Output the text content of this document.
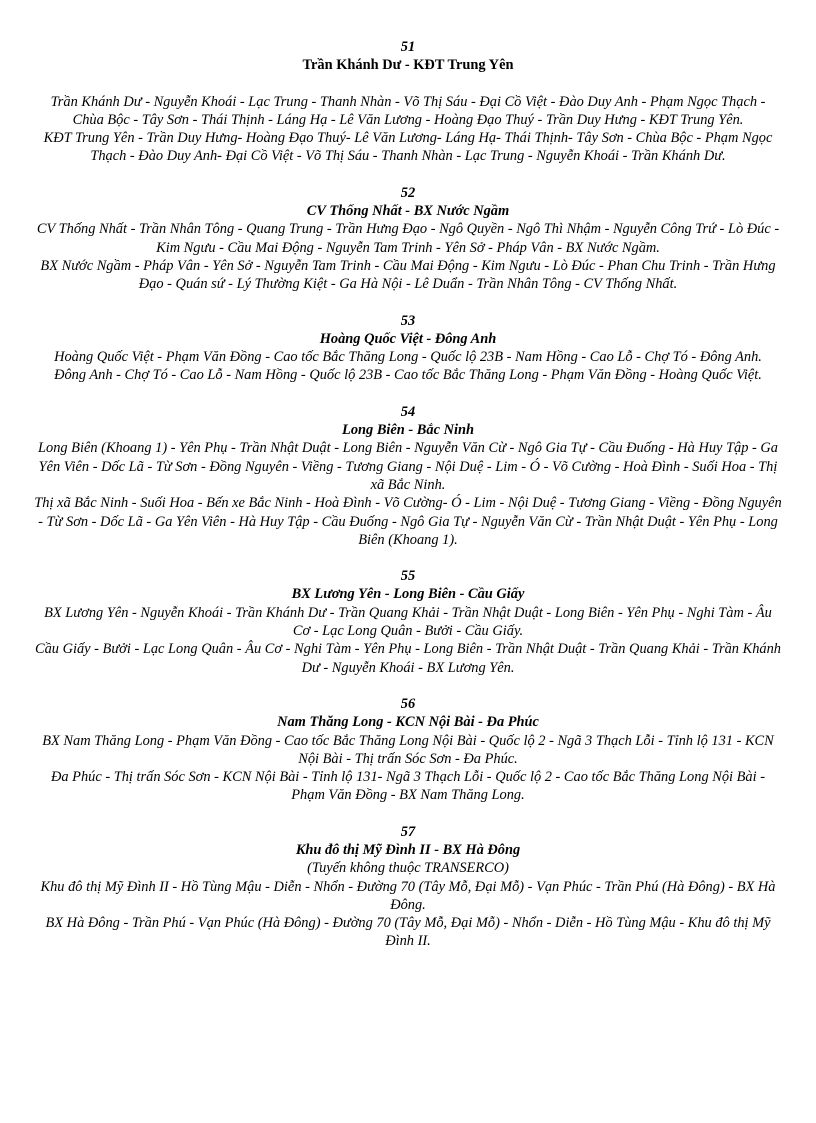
51
Trần Khánh Dư - KĐT Trung Yên

Trần Khánh Dư - Nguyễn Khoái - Lạc Trung - Thanh Nhàn - Võ Thị Sáu - Đại Cồ Việt - Đào Duy Anh - Phạm Ngọc Thạch - Chùa Bộc - Tây Sơn - Thái Thịnh - Láng Hạ - Lê Văn Lương - Hoàng Đạo Thuý - Trần Duy Hưng - KĐT Trung Yên.

KĐT Trung Yên - Trần Duy Hưng- Hoàng Đạo Thuý- Lê Văn Lương- Láng Hạ- Thái Thịnh- Tây Sơn - Chùa Bộc - Phạm Ngọc Thạch - Đào Duy Anh- Đại Cồ Việt - Võ Thị Sáu - Thanh Nhàn - Lạc Trung - Nguyễn Khoái - Trần Khánh Dư.

52
CV Thống Nhất - BX Nước Ngầm

CV Thống Nhất - Trần Nhân Tông - Quang Trung - Trần Hưng Đạo - Ngô Quyền - Ngô Thì Nhậm - Nguyễn Công Trứ - Lò Đúc - Kim Ngưu - Cầu Mai Động - Nguyễn Tam Trinh - Yên Sở - Pháp Vân - BX Nước Ngầm.

BX Nước Ngầm - Pháp Vân - Yên Sở - Nguyễn Tam Trinh - Cầu Mai Động - Kim Ngưu - Lò Đúc - Phan Chu Trinh - Trần Hưng Đạo - Quán sứ - Lý Thường Kiệt - Ga Hà Nội - Lê Duẩn - Trần Nhân Tông - CV Thống Nhất.

53
Hoàng Quốc Việt - Đông Anh

Hoàng Quốc Việt - Phạm Văn Đồng - Cao tốc Bắc Thăng Long - Quốc lộ 23B - Nam Hồng - Cao Lỗ - Chợ Tó - Đông Anh.

Đông Anh - Chợ Tó - Cao Lỗ - Nam Hồng - Quốc lộ 23B - Cao tốc Bắc Thăng Long - Phạm Văn Đồng - Hoàng Quốc Việt.

54
Long Biên - Bắc Ninh

Long Biên (Khoang 1) - Yên Phụ - Trần Nhật Duật - Long Biên - Nguyễn Văn Cừ - Ngô Gia Tự - Cầu Đuống - Hà Huy Tập - Ga Yên Viên - Dốc Lã - Từ Sơn - Đồng Nguyên - Viềng - Tương Giang - Nội Duệ - Lim - Ó - Võ Cường - Hoà Đình - Suối Hoa - Thị xã Bắc Ninh.

Thị xã Bắc Ninh - Suối Hoa - Bến xe Bắc Ninh - Hoà Đình - Võ Cường- Ó - Lim - Nội Duệ - Tương Giang - Viềng - Đồng Nguyên - Từ Sơn - Dốc Lã - Ga Yên Viên - Hà Huy Tập - Cầu Đuống - Ngô Gia Tự - Nguyễn Văn Cừ - Trần Nhật Duật - Yên Phụ - Long Biên (Khoang 1).

55
BX Lương Yên - Long Biên - Cầu Giấy

BX Lương Yên - Nguyễn Khoái - Trần Khánh Dư - Trần Quang Khải - Trần Nhật Duật - Long Biên - Yên Phụ - Nghi Tàm - Âu Cơ - Lạc Long Quân - Bưởi - Cầu Giấy.

Cầu Giấy - Bưởi - Lạc Long Quân - Âu Cơ - Nghi Tàm - Yên Phụ - Long Biên - Trần Nhật Duật - Trần Quang Khải - Trần Khánh Dư - Nguyễn Khoái - BX Lương Yên.

56
Nam Thăng Long - KCN Nội Bài - Đa Phúc

BX Nam Thăng Long - Phạm Văn Đồng - Cao tốc Bắc Thăng Long Nội Bài - Quốc lộ 2 - Ngã 3 Thạch Lỗi - Tỉnh lộ 131 - KCN Nội Bài - Thị trấn Sóc Sơn - Đa Phúc.

Đa Phúc - Thị trấn Sóc Sơn - KCN Nội Bài - Tỉnh lộ 131- Ngã 3 Thạch Lỗi - Quốc lộ 2 - Cao tốc Bắc Thăng Long Nội Bài - Phạm Văn Đồng - BX Nam Thăng Long.

57
Khu đô thị Mỹ Đình II - BX Hà Đông
(Tuyến không thuộc TRANSERCO)

Khu đô thị Mỹ Đình II - Hồ Tùng Mậu - Diễn - Nhổn - Đường 70 (Tây Mỗ, Đại Mỗ) - Vạn Phúc - Trần Phú (Hà Đông) - BX Hà Đông.

BX Hà Đông - Trần Phú - Vạn Phúc (Hà Đông) - Đường 70 (Tây Mỗ, Đại Mỗ) - Nhổn - Diễn - Hồ Tùng Mậu - Khu đô thị Mỹ Đình II.
